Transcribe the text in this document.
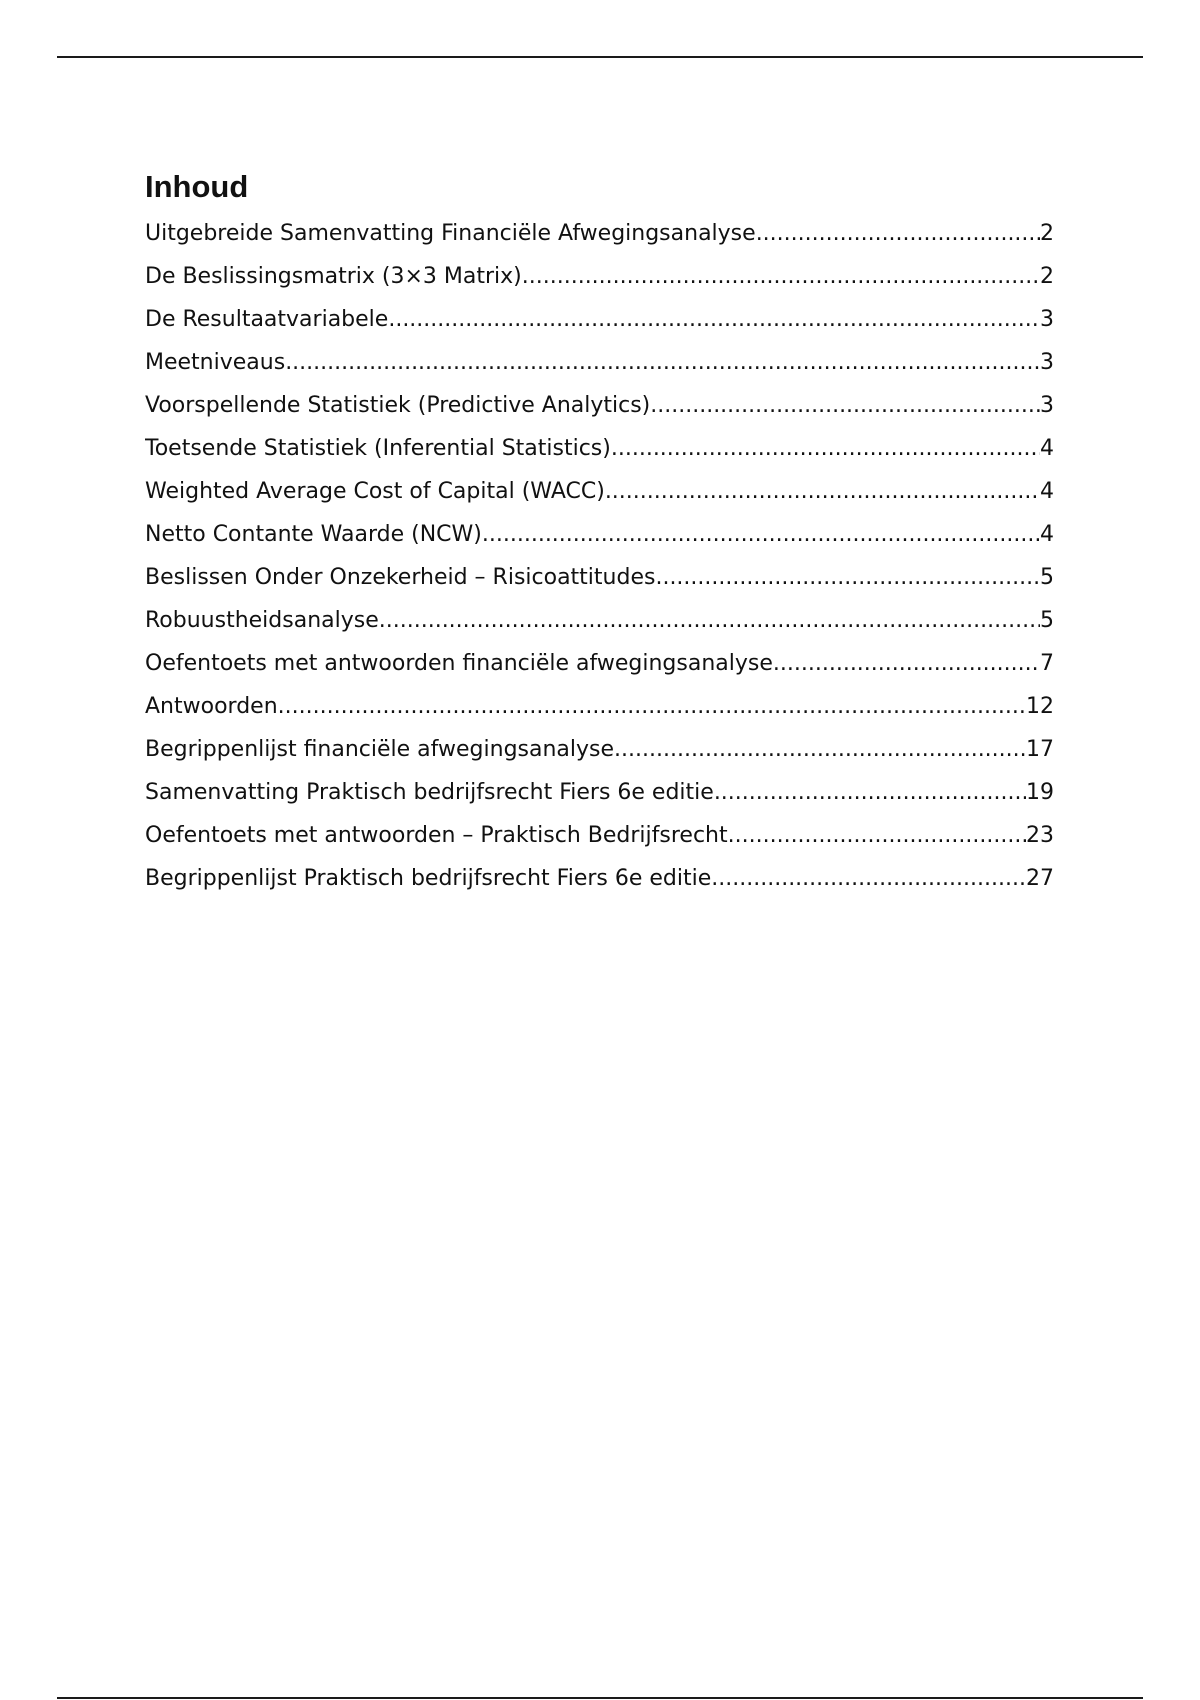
Inhoud
Uitgebreide Samenvatting Financiële Afwegingsanalyse .....	2
De Beslissingsmatrix (3×3 Matrix) .....	2
De Resultaatvariabele .....	3
Meetniveaus .....	3
Voorspellende Statistiek (Predictive Analytics) .....	3
Toetsende Statistiek (Inferential Statistics) .....	4
Weighted Average Cost of Capital (WACC) .....	4
Netto Contante Waarde (NCW) .....	4
Beslissen Onder Onzekerheid – Risicoattitudes .....	5
Robuustheidsanalyse .....	5
Oefentoets met antwoorden financiële afwegingsanalyse .....	7
Antwoorden .....	12
Begrippenlijst financiële afwegingsanalyse .....	17
Samenvatting Praktisch bedrijfsrecht Fiers 6e editie .....	19
Oefentoets met antwoorden – Praktisch Bedrijfsrecht .....	23
Begrippenlijst Praktisch bedrijfsrecht Fiers 6e editie .....	27
